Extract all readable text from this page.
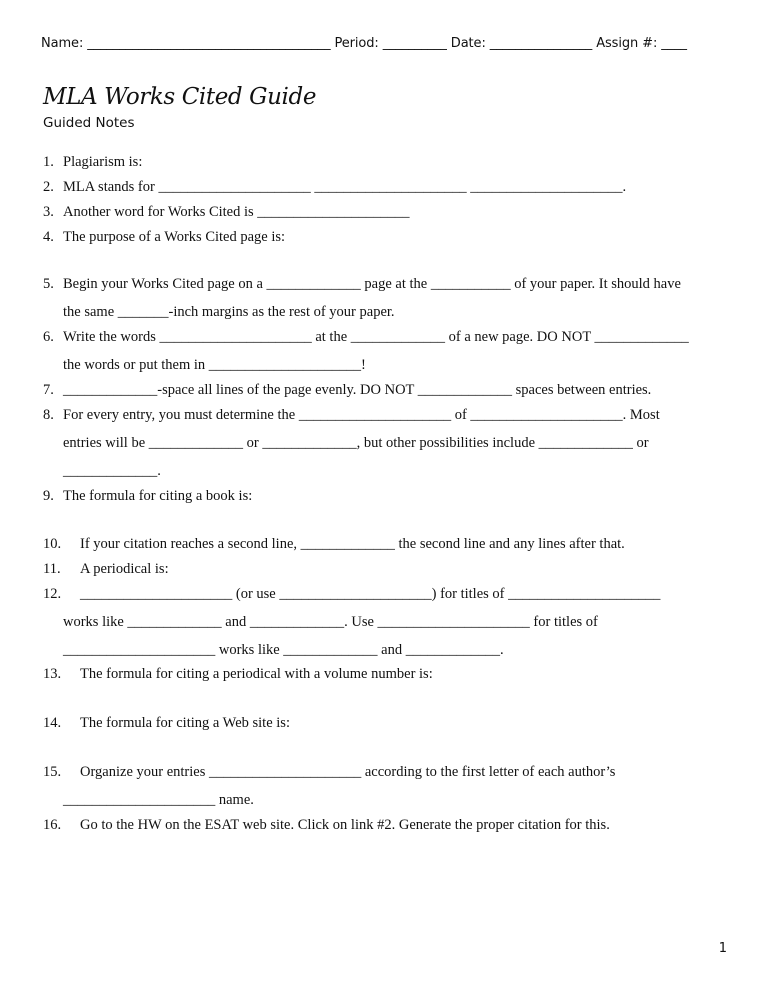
Name: ______________________________________ Period: __________ Date: ________________ Assign #: ____
MLA Works Cited Guide
Guided Notes
1. Plagiarism is:
2. MLA stands for _____________________ _____________________ _____________________.
3. Another word for Works Cited is _____________________
4. The purpose of a Works Cited page is:
5. Begin your Works Cited page on a _____________ page at the ___________ of your paper. It should have
the same _______-inch margins as the rest of your paper.
6. Write the words _____________________ at the _____________ of a new page. DO NOT _____________
the words or put them in _____________________!
7. _____________-space all lines of the page evenly. DO NOT _____________ spaces between entries.
8. For every entry, you must determine the _____________________ of _____________________. Most
entries will be _____________ or _____________, but other possibilities include _____________ or
_____________.
9. The formula for citing a book is:
10. If your citation reaches a second line, _____________ the second line and any lines after that.
11. A periodical is:
12. _____________________ (or use _____________________) for titles of _____________________
works like _____________ and _____________. Use _____________________ for titles of
_____________________ works like _____________ and _____________.
13. The formula for citing a periodical with a volume number is:
14. The formula for citing a Web site is:
15. Organize your entries _____________________ according to the first letter of each author’s
_____________________ name.
16. Go to the HW on the ESAT web site. Click on link #2. Generate the proper citation for this.
1
